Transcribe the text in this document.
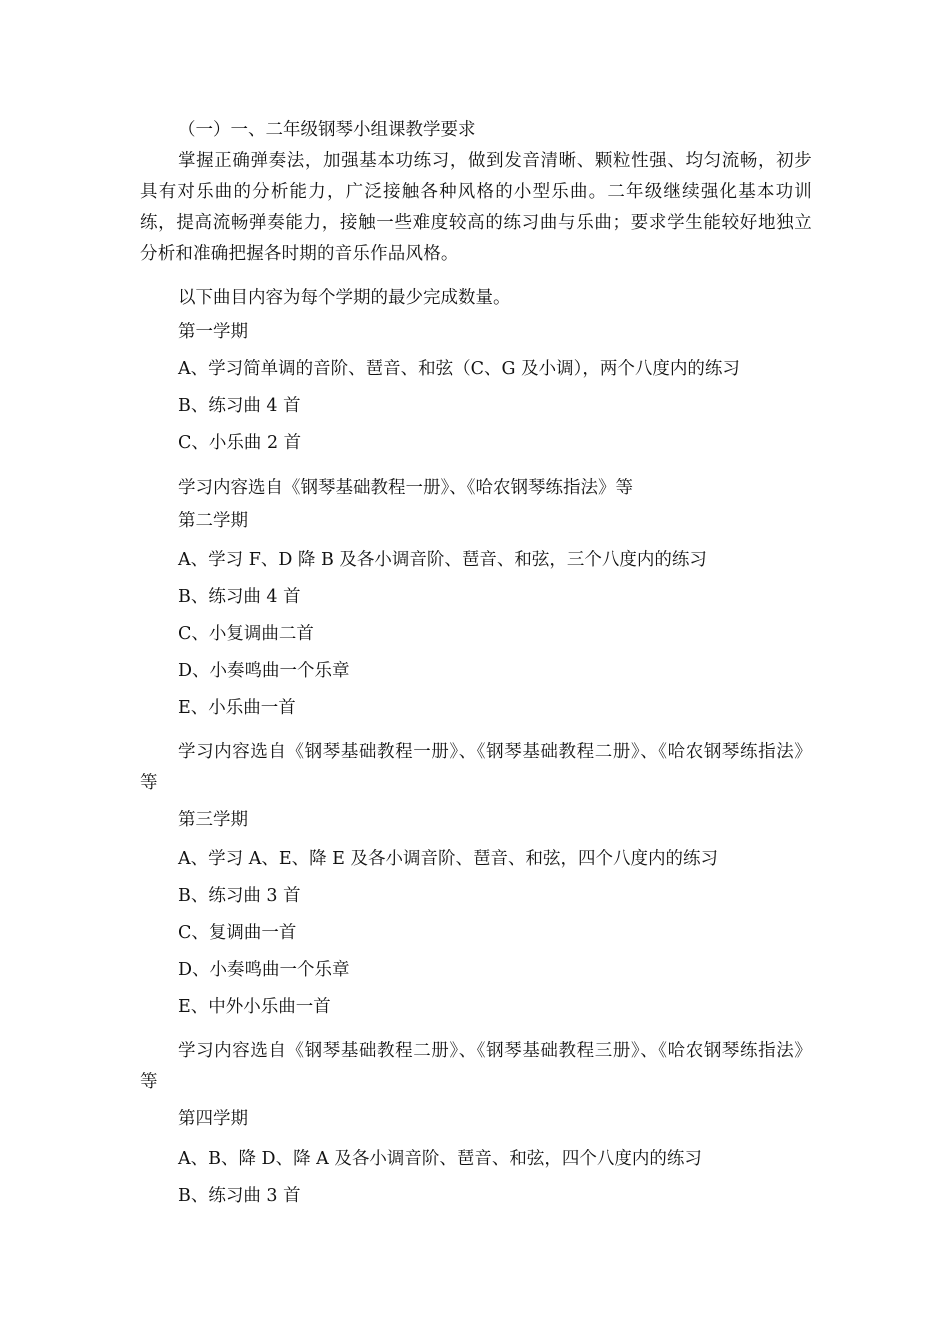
（一）一、二年级钢琴小组课教学要求
掌握正确弹奏法，加强基本功练习，做到发音清晰、颗粒性强、均匀流畅，初步具有对乐曲的分析能力，广泛接触各种风格的小型乐曲。二年级继续强化基本功训练，提高流畅弹奏能力，接触一些难度较高的练习曲与乐曲；要求学生能较好地独立分析和准确把握各时期的音乐作品风格。
以下曲目内容为每个学期的最少完成数量。
第一学期
A、学习简单调的音阶、琶音、和弦（C、G 及小调），两个八度内的练习
B、练习曲 4 首
C、小乐曲 2 首
学习内容选自《钢琴基础教程一册》、《哈农钢琴练指法》等
第二学期
A、学习 F、D 降 B 及各小调音阶、琶音、和弦，三个八度内的练习
B、练习曲 4 首
C、小复调曲二首
D、小奏鸣曲一个乐章
E、小乐曲一首
学习内容选自《钢琴基础教程一册》、《钢琴基础教程二册》、《哈农钢琴练指法》等
第三学期
A、学习 A、E、降 E 及各小调音阶、琶音、和弦，四个八度内的练习
B、练习曲 3 首
C、复调曲一首
D、小奏鸣曲一个乐章
E、中外小乐曲一首
学习内容选自《钢琴基础教程二册》、《钢琴基础教程三册》、《哈农钢琴练指法》等
第四学期
A、B、降 D、降 A 及各小调音阶、琶音、和弦，四个八度内的练习
B、练习曲 3 首
